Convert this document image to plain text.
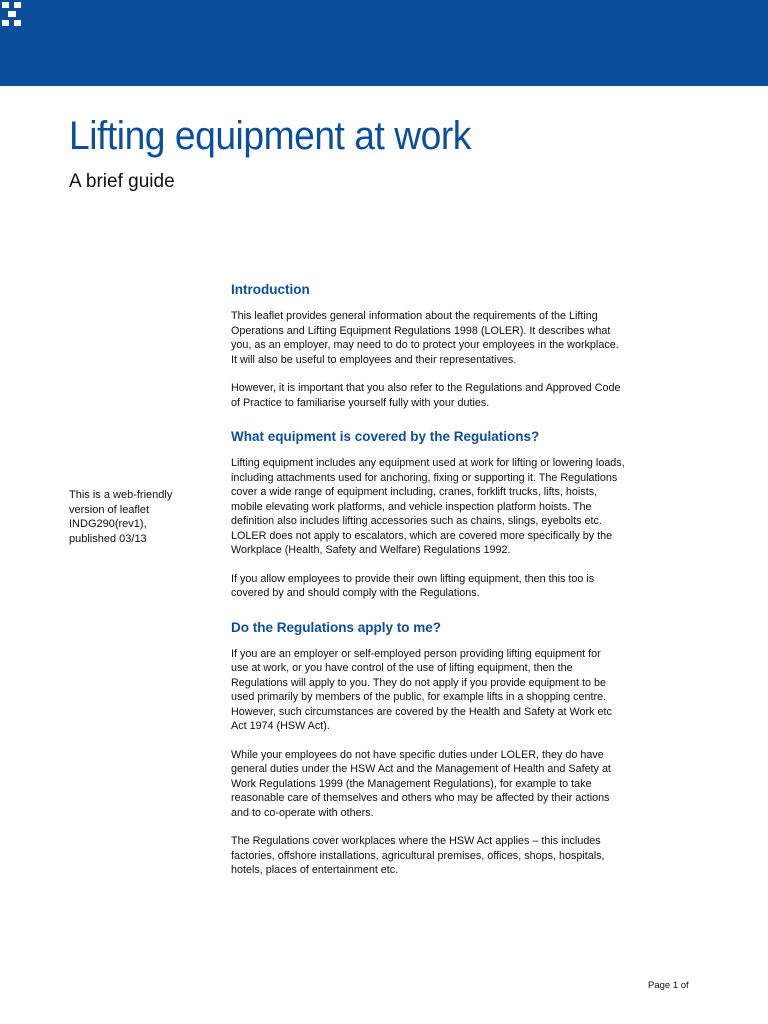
Lifting equipment at work
A brief guide
This is a web-friendly
version of leaflet
INDG290(rev1),
published 03/13
Introduction
This leaflet provides general information about the requirements of the Lifting
Operations and Lifting Equipment Regulations 1998 (LOLER). It describes what
you, as an employer, may need to do to protect your employees in the workplace.
It will also be useful to employees and their representatives.
However, it is important that you also refer to the Regulations and Approved Code
of Practice to familiarise yourself fully with your duties.
What equipment is covered by the Regulations?
Lifting equipment includes any equipment used at work for lifting or lowering loads,
including attachments used for anchoring, fixing or supporting it. The Regulations
cover a wide range of equipment including, cranes, forklift trucks, lifts, hoists,
mobile elevating work platforms, and vehicle inspection platform hoists. The
definition also includes lifting accessories such as chains, slings, eyebolts etc.
LOLER does not apply to escalators, which are covered more specifically by the
Workplace (Health, Safety and Welfare) Regulations 1992.
If you allow employees to provide their own lifting equipment, then this too is
covered by and should comply with the Regulations.
Do the Regulations apply to me?
If you are an employer or self-employed person providing lifting equipment for
use at work, or you have control of the use of lifting equipment, then the
Regulations will apply to you. They do not apply if you provide equipment to be
used primarily by members of the public, for example lifts in a shopping centre.
However, such circumstances are covered by the Health and Safety at Work etc
Act 1974 (HSW Act).
While your employees do not have specific duties under LOLER, they do have
general duties under the HSW Act and the Management of Health and Safety at
Work Regulations 1999 (the Management Regulations), for example to take
reasonable care of themselves and others who may be affected by their actions
and to co-operate with others.
The Regulations cover workplaces where the HSW Act applies – this includes
factories, offshore installations, agricultural premises, offices, shops, hospitals,
hotels, places of entertainment etc.
Page 1 of
